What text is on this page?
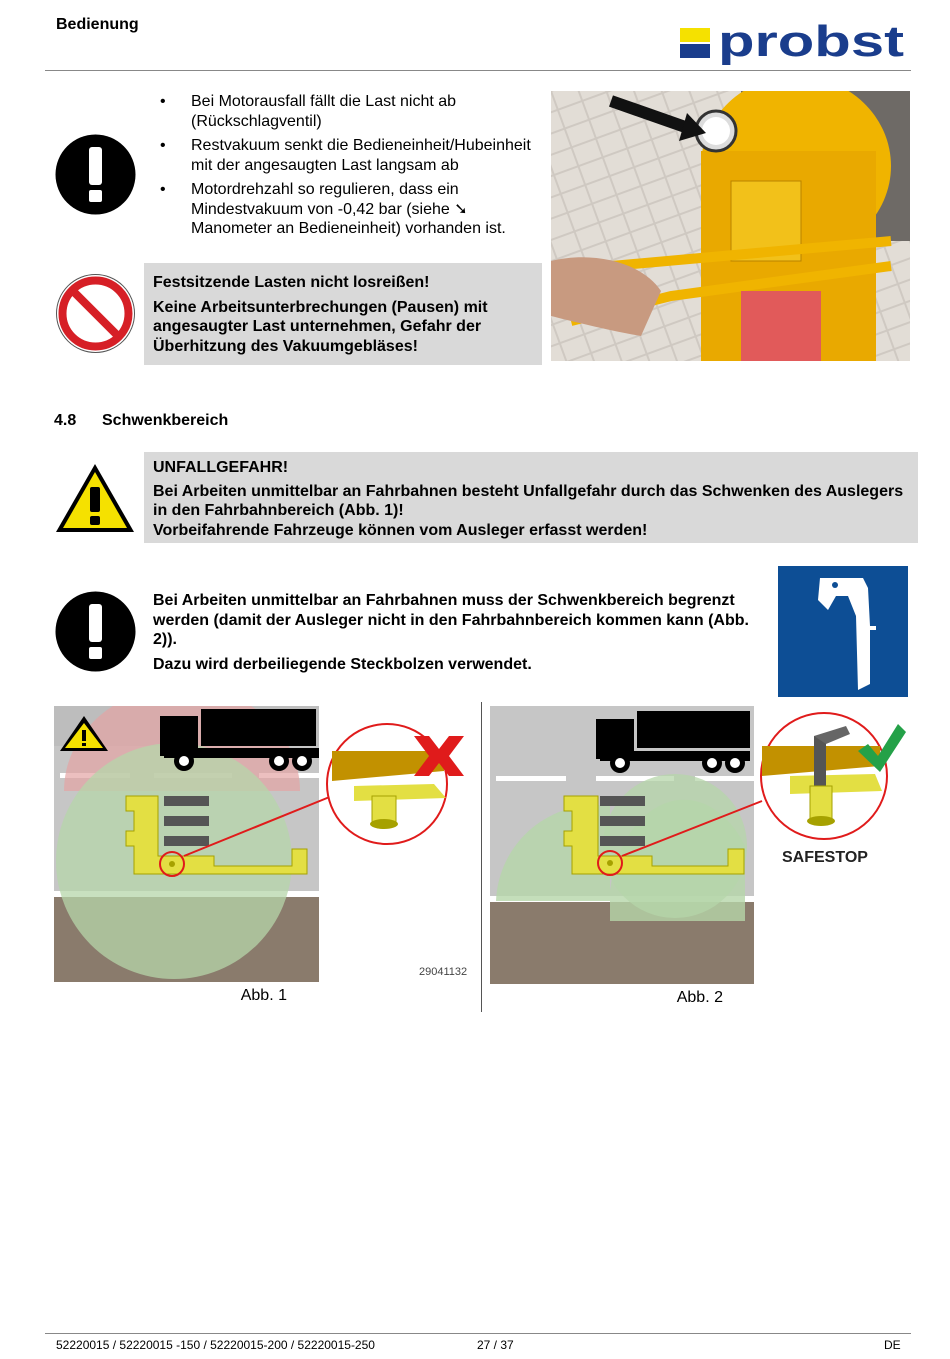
Bedienung	probst
• Bei Motorausfall fällt die Last nicht ab (Rückschlagventil)
• Restvakuum senkt die Bedieneinheit/Hubeinheit mit der angesaugten Last langsam ab
• Motordrehzahl so regulieren, dass ein Mindestvakuum von -0,42 bar (siehe ➘ Manometer an Bedieneinheit) vorhanden ist.

Festsitzende Lasten nicht losreißen!

Keine Arbeitsunterbrechungen (Pausen) mit angesaugter Last unternehmen, Gefahr der Überhitzung des Vakuumgebläses!

4.8 Schwenkbereich

UNFALLGEFAHR!

Bei Arbeiten unmittelbar an Fahrbahnen besteht Unfallgefahr durch das Schwenken des Auslegers in den Fahrbahnbereich (Abb. 1)!

Vorbeifahrende Fahrzeuge können vom Ausleger erfasst werden!

Bei Arbeiten unmittelbar an Fahrbahnen muss der Schwenkbereich begrenzt werden (damit der Ausleger nicht in den Fahrbahnbereich kommen kann (Abb. 2)).

Dazu wird derbeiliegende Steckbolzen verwendet.

Abb. 1
29041132
SAFESTOP
Abb. 2
52220015 / 52220015 -150 / 52220015-200 / 52220015-250	27 / 37	DE
